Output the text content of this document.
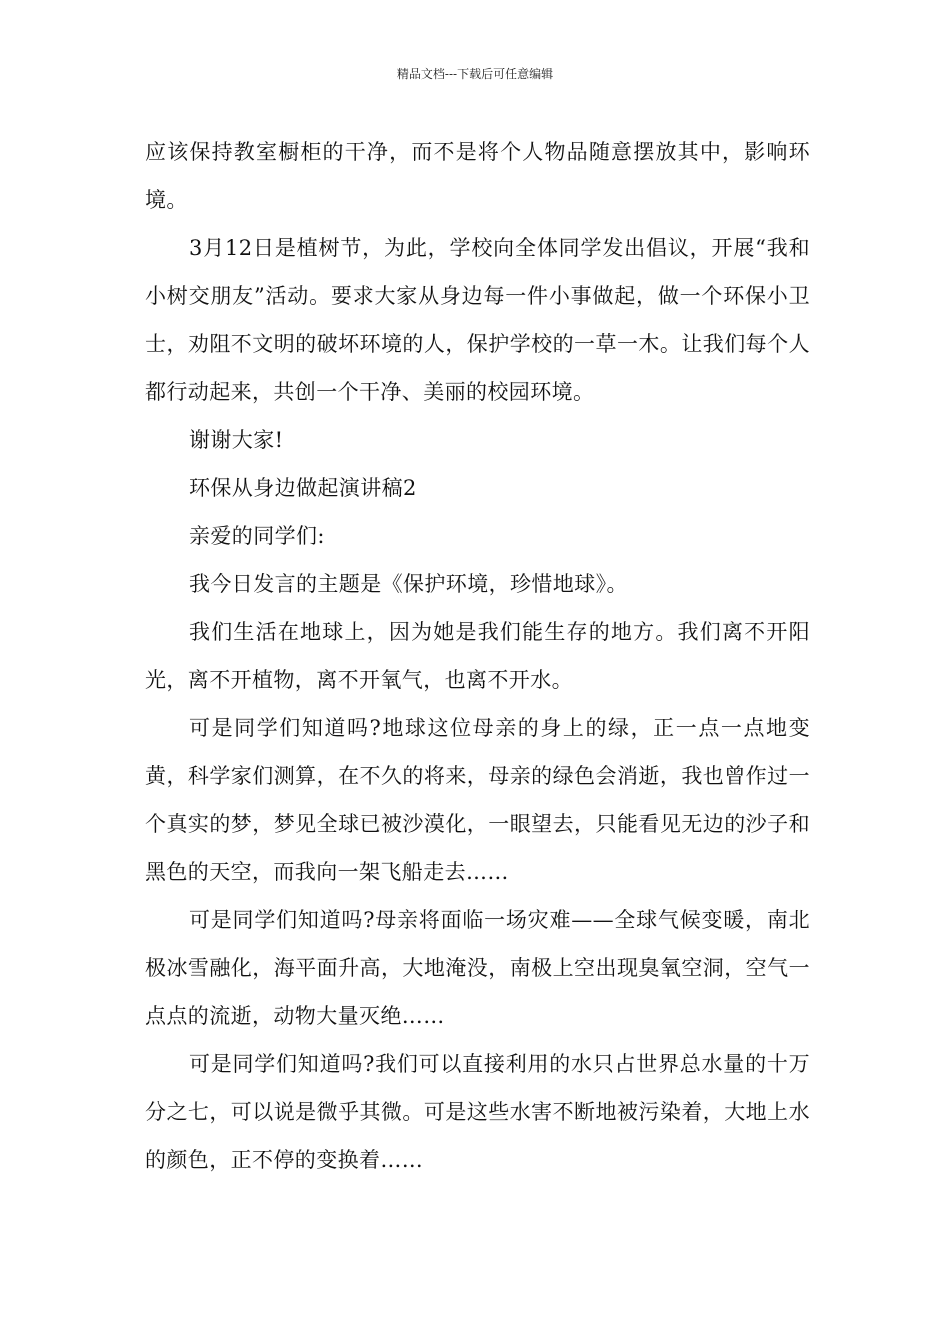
精品文档---下载后可任意编辑

应该保持教室橱柜的干净，而不是将个人物品随意摆放其中，影响环境。

3月12日是植树节，为此，学校向全体同学发出倡议，开展“我和小树交朋友”活动。要求大家从身边每一件小事做起，做一个环保小卫士，劝阻不文明的破坏环境的人，保护学校的一草一木。让我们每个人都行动起来，共创一个干净、美丽的校园环境。

谢谢大家!

环保从身边做起演讲稿2

亲爱的同学们:

我今日发言的主题是《保护环境，珍惜地球》。

我们生活在地球上，因为她是我们能生存的地方。我们离不开阳光，离不开植物，离不开氧气，也离不开水。

可是同学们知道吗?地球这位母亲的身上的绿，正一点一点地变黄，科学家们测算，在不久的将来，母亲的绿色会消逝，我也曾作过一个真实的梦，梦见全球已被沙漠化，一眼望去，只能看见无边的沙子和黑色的天空，而我向一架飞船走去……

可是同学们知道吗?母亲将面临一场灾难——全球气候变暖，南北极冰雪融化，海平面升高，大地淹没，南极上空出现臭氧空洞，空气一点点的流逝，动物大量灭绝……

可是同学们知道吗?我们可以直接利用的水只占世界总水量的十万分之七，可以说是微乎其微。可是这些水害不断地被污染着，大地上水的颜色，正不停的变换着……
